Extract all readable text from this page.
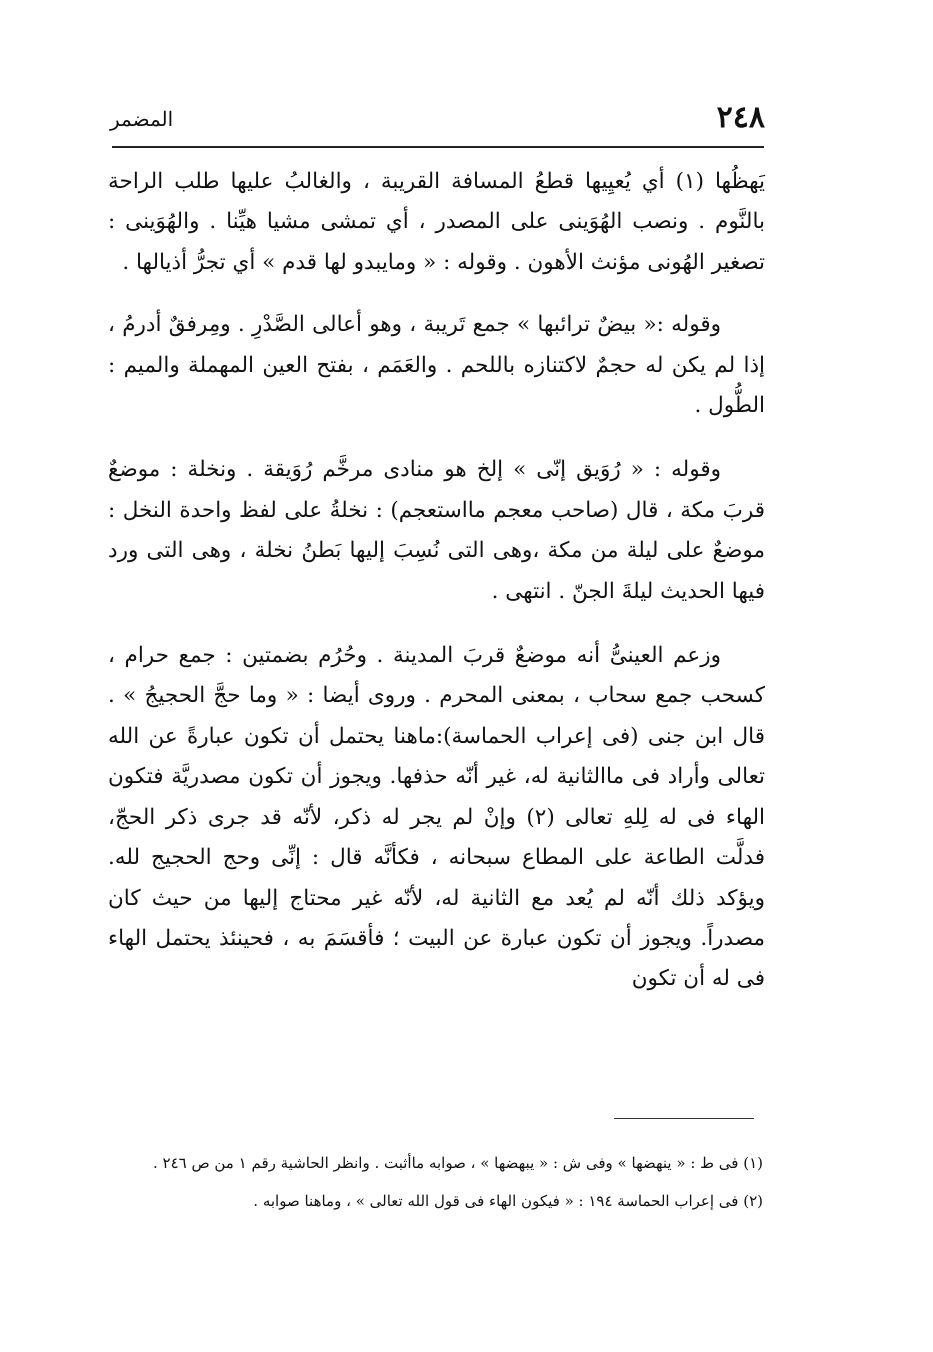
٢٤٨
المضمر

يَهظُها (١) أي يُعيِيها قطعُ المسافة القريبة ، والغالبُ عليها طلب الراحة بالنَّوم . ونصب الهُوَينى على المصدر ، أي تمشى مشيا هيِّنا . والهُوَينى : تصغير الهُونى مؤنث الأهون . وقوله : « ومايبدو لها قدم » أي تجرُّ أذيالها .

وقوله :« بيضٌ ترائبها » جمع تَريبة ، وهو أعالى الصَّدْرِ . ومِرفقٌ أدرمُ ، إذا لم يكن له حجمٌ لاكتنازه باللحم . والعَمَم ، بفتح العين المهملة والميم : الطُّول .

وقوله : « رُوَيق إنّى » إلخ هو منادى مرخَّم رُوَيقة . ونخلة : موضعٌ قربَ مكة ، قال (صاحب معجم مااستعجم) : نخلةُ على لفظ واحدة النخل : موضعٌ على ليلة من مكة ،وهى التى نُسِبَ إليها بَطنُ نخلة ، وهى التى ورد فيها الحديث ليلةَ الجنّ . انتهى .

وزعم العينىُّ أنه موضعٌ قربَ المدينة . وحُرُم بضمتين : جمع حرام ، كسحب جمع سحاب ، بمعنى المحرم . وروى أيضا : « وما حجَّ الحجيجُ » . قال ابن جنى (فى إعراب الحماسة):ماهنا يحتمل أن تكون عبارةً عن الله تعالى وأراد فى ماالثانية له، غير أنّه حذفها. ويجوز أن تكون مصدريَّة فتكون الهاء فى له لِلهِ تعالى (٢) وإنْ لم يجر له ذكر، لأنّه قد جرى ذكر الحجّ، فدلَّت الطاعة على المطاع سبحانه ، فكأنَّه قال : إنِّى وحج الحجيج لله. ويؤكد ذلك أنّه لم يُعد مع الثانية له، لأنّه غير محتاج إليها من حيث كان مصدراً. ويجوز أن تكون عبارة عن البيت ؛ فأقسَمَ به ، فحينئذ يحتمل الهاء فى له أن تكون

(١) فى ط : « ينهضها » وفى ش : « يبهضها » ، صوابه ماأثبت . وانظر الحاشية رقم ١ من ص ٢٤٦ .

(٢) فى إعراب الحماسة ١٩٤ : « فيكون الهاء فى قول الله تعالى » ، وماهنا صوابه .
